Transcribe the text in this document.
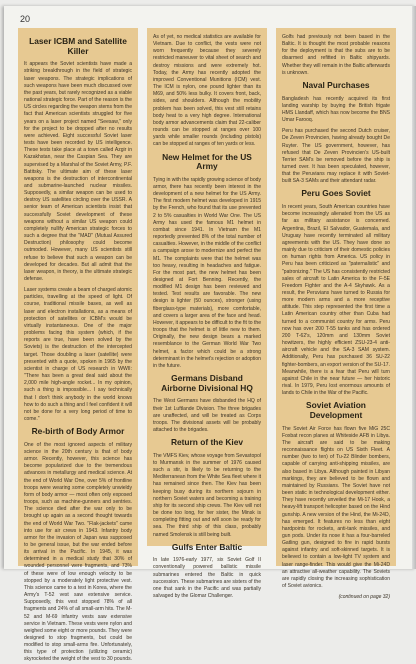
20
Laser ICBM and Satellite Killer

It appears the Soviet scientists have made a striking breakthrough in the field of strategic laser weapons. The strategic implications of such weapons have been much discussed over the past years, but rarely recognized as a viable national strategic force. Part of the reason is the US circles regarding the weapon stems from the fact that American scientists struggled for five years on a laser project named "Seesaw," only for the project to be dropped after no results were achieved. Eight successful Soviet laser tests have been recorded by US intelligence. These tests take place at a town called Azgir in Kazakhstan, near the Caspian Sea. They are supervised by a Marshal of the Soviet Army, P.F. Batitsky. The ultimate aim of these laser weapons is the destruction of intercontinental and submarine-launched nuclear missiles. Supposedly, a similar weapon can be used to destroy US satellites circling over the USSR. A senior team of American scientists insist that successfully Soviet development of these weapons without a similar US weapon could completely nullify American strategic forces to such a degree that the "MAD" (Mutual Assured Destruction) philosophy could become outmoded. However, many US scientists still refuse to believe that such a weapon can be developed for decades. But all admit that the laser weapon, in theory, is the ultimate strategic defense.

Laser systems create a beam of charged atomic particles, travelling at the speed of light. Of course, traditional missile bases, as well as laser and electron installations, as a means of protection of satellites or ICBM's would be virtually instantaneous. One of the major problems facing this system (which, if the reports are true, have been solved by the Soviets) is the destruction of the intercepted target. Those doubling a laser (satellite) were presented with a quote, spoken in 1965 by the scientist in charge of US research in WWII: "There has been a great deal said about the 2,000 mile high-angle rocket... In my opinion, such a thing is impossible... I say technically that I don't think anybody in the world knows how to do such a thing and I feel confident it will not be done for a very long period of time to come."

Re-birth of Body Armor

One of the most ignored aspects of military science in the 20th century is that of body armor. Recently, however, this science has become popularized due to the tremendous advances in metallurgy and medical science. At the end of World War One, over 5% of frontline troops were wearing some completely unwieldy form of body armor — most often only exposed troops, such as machine-gunners and sentries. The science died after the war only to be brought up again as a second thought towards the end of World War Two. "Flak-jackets" came into use for air crews in 1943. Infantry body armor for the invasion of Japan was supposed to be general issue, but the war ended before its arrival in the Pacific. In 1945, it was determined in a medical study that 30% of wounded personnel were fragments, and 73% of these were of low enough velocity to be stopped by a moderately light protective vest. This science came to a test in Korea, where the Army's T-52 vest saw extensive service. Supposedly, this vest stopped 78% of all fragments and 24% of all small-arm hits. The M-52 and M-69 infantry vests saw extensive service in Vietnam. These vests were nylon and weighed some eight or more pounds. They were designed to stop fragments, but could be modified to stop small-arms fire. Unfortunately, this type of protection (utilizing ceramic) skyrocketed the weight of the vest to 30 pounds.

As of yet, no medical statistics are available for Vietnam. Due to conflict, the vests were not worn frequently because they severely restricted maneuver to vital sheet of search and destroy missions and were extremely hot. Today, the Army has recently adopted the improved Conventional Munitions (ICM) vest. The ICM is nylon, one pound lighter than its M69, and 50% less bulky. It covers front, back, sides, and shoulders. Although the mobility problem has been solved, this vest still retains body heat to a very high degree. International body armor advancements claim that 22-caliber rounds can be stopped at ranges over 100 yards while smaller rounds (including pistols) can be stopped at ranges of ten yards or less.

New Helmet for the US Army

Tying in with the rapidly growing science of body armor, there has recently been interest in the development of a new helmet for the US Army. The first modern helmet was developed in 1915 by the French, who found that its use prevented 2 to 5% casualties in World War One. The US Army has used the famous M1 helmet in combat since 1941. In Vietnam the M1 reportedly prevented 8% of the total number of casualties. However, in the middle of the conflict a campaign arose to modernize and perfect the M1. The complaints were that the helmet was too heavy, resulting in headaches and fatigue. For the most part, the new helmet has been designed at Fort Benning. Recently, the modified M1 design has been reviewed and tested. Test results are favorable. The new design is lighter (50 ounces), stronger (using fiberglass-type materials), more comfortable, and covers a larger area of the face and head. However, it appears to be difficult to the fit to the troops that the helmet is of little new to them. Originally, the new design bears a marked resemblance to the German World War Two helmet, a factor which could be a strong determinant in the helmet's rejection or adoption in the future.

Germans Disband Airborne Divisional HQ

The West Germans have disbanded the HQ of their 1st Luftlande Division. The three brigades are unaffected, and will be treated as Corps troops. The divisional assets will be probably attached to the brigades.

Return of the Kiev

The VMFS Kiev, whose voyage from Sevastopol to Murmansk in the summer of 1976 caused such a stir, is likely to be returning to the Mediterranean from the White Sea fleet where it has remained since then. The Kiev has been keeping busy during its northern sojourn in northern Soviet waters and becoming a training ship for its second ship crews. The Kiev will not be done too long, for her sister, the Minsk is completing fitting out and will soon be ready for sea. The third ship of this class, probably named Smolensk is still being built.

Gulfs Enter Baltic

In late 1976-early 1977, six Soviet Golf II conventionally powered ballistic missile submarines entered the Baltic in quick succession. These submarines are sisters of the one that sank in the Pacific and was partially salvaged by the Glomar Challenger.

Golfs had previously not been based in the Baltic. It is thought the most probable reasons for the deployment is that the subs are to be disarmed and refitted in Baltic shipyards. Whether they will remain in the Baltic afterwards is unknown.

Naval Purchases

Bangladesh has recently acquired its first landing warship by buying the British frigate HMS Llandaff, which has now become the BNS Umar Farooq.

Peru has purchased the second Dutch cruiser, De Zeven Provincien, having already bought De Ruyter. The US government, however, has refused that De Zeven Provincien's US-built Terrier SAM's be removed before the ship is turned over. It has been speculated, however, that the Peruvians may replace it with Soviet-built SA-3 SAMs and their attendant radar.

Peru Goes Soviet

In recent years, South American countries have become increasingly alienated from the US as far as military assistance is concerned. Argentina, Brazil, El Salvador, Guatemala, and Uruguay have recently terminated all military agreements with the US. They have done so mainly due to criticism of their domestic policies on human rights from America. US policy in Peru has been criticized as "paternalistic" and "patronizing." The US has consistently restricted sales of aircraft to Latin America to the F-5E Freedom Fighter and the A-4 Skyhawk. As a result, the Peruvians have turned to Russia for more modern arms and a more receptive attitude. This step represented the first time a Latin American country other than Cuba had turned to a communist country for arms. Peru now has over 200 T-55 tanks and has ordered 200 T-62's, 120mm and 130mm Soviet howitzers, the highly efficient ZSU-23-4 anti-aircraft vehicle and the SA-3 SAM system. Additionally, Peru has purchased 36 SU-22 fighter-bombers, an export version of the SU-17. Meanwhile, there is a fear that Peru will turn against Chile in the near future — her historic rival. In 1979, Peru lost enormous amounts of lands to Chile in the War of the Pacific.

Soviet Aviation Development

The Soviet Air Force has flown five MiG 25C Foxbat recon planes at Whiteside AFB in Libya. The aircraft are said to be making reconnaissance flights on US Sixth Fleet. A number (two to ten) of Tu-22 Blinder bombers, capable of carrying anti-shipping missiles, are also based in Libya. Although painted in Libyan markings, they are believed to be flown and maintained by Russians. The Soviet have not been static in technological development either. They have recently unveiled the Mi-17 Hook, a heavy-lift transport helicopter based on the Hind gunship. A new version of the Hind, the Mi-24D, has emerged. It features no less than eight hardpoints for rockets, anti-tank missiles, and gun pods. Under its nose it has a four-barreled Gatling gun, designed to fire in rapid bursts against infantry and soft-skinned targets. It is believed to contain a low-light TV system and laser range-finder. This would give the Mi-24D an attractive all-weather capability. The Soviets are rapidly closing the increasing sophistication of Soviet avionics.

(continued on page 32)
